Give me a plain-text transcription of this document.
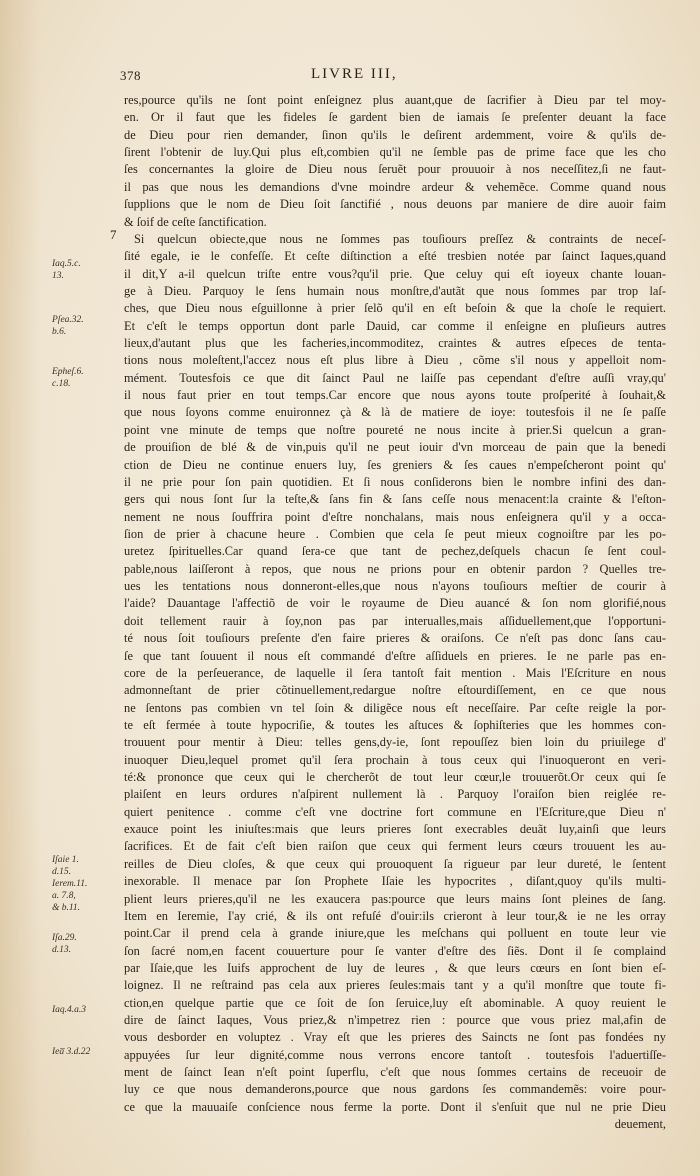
378	LIVRE III,
7
Iaq.5.c.
13.
Pſea.32.
b.6.
Epheſ.6.
c.18.
Iſaie 1.
d.15.
Ierem.11.
a. 7.8,
& b.11.
Iſa.29.
d.13.
Iaq.4.a.3
Iea̅ 3.d.22
res,pource qu'ils ne ſont point enſeignez plus auant,que de ſacrifier à Dieu par tel moy-
en. Or il faut que les fideles ſe gardent bien de iamais ſe preſenter deuant la face
de Dieu pour rien demander, ſinon qu'ils le deſirent ardemment, voire & qu'ils de-
ſirent l'obtenir de luy.Qui plus eſt,combien qu'il ne ſemble pas de prime face que les cho
ſes concernantes la gloire de Dieu nous ſeruẽt pour prouuoir à nos neceſſitez,ſi ne faut-
il pas que nous les demandions d'vne moindre ardeur & vehemẽce. Comme quand nous
ſupplions que le nom de Dieu ſoit ſanctifié , nous deuons par maniere de dire auoir faim
& ſoif de ceſte ſanctification.
Si quelcun obiecte,que nous ne ſommes pas touſiours preſſez & contraints de neceſ-
ſité egale, ie le confeſſe. Et ceſte diſtinction a eſté tresbien notée par ſainct Iaques,quand
il dit,Y a-il quelcun triſte entre vous?qu'il prie. Que celuy qui eſt ioyeux chante louan-
ge à Dieu. Parquoy le ſens humain nous monſtre,d'autãt que nous ſommes par trop laſ-
ches, que Dieu nous eſguillonne à prier ſelõ qu'il en eſt beſoin & que la choſe le requiert.
Et c'eſt le temps opportun dont parle Dauid, car comme il enſeigne en pluſieurs autres
lieux,d'autant plus que les facheries,incommoditez, craintes & autres eſpeces de tenta-
tions nous moleſtent,l'accez nous eſt plus libre à Dieu , cõme s'il nous y appelloit nom-
mément. Toutesfois ce que dit ſainct Paul ne laiſſe pas cependant d'eſtre auſſi vray,qu'
il nous faut prier en tout temps.Car encore que nous ayons toute proſperité à ſouhait,&
que nous ſoyons comme enuironnez çà & là de matiere de ioye: toutesfois il ne ſe paſſe
point vne minute de temps que noſtre poureté ne nous incite à prier.Si quelcun a gran-
de prouiſion de blé & de vin,puis qu'il ne peut iouir d'vn morceau de pain que la benedi
ction de Dieu ne continue enuers luy, ſes greniers & ſes caues n'empeſcheront point qu'
il ne prie pour ſon pain quotidien. Et ſi nous conſiderons bien le nombre infini des dan-
gers qui nous ſont ſur la teſte,& ſans fin & ſans ceſſe nous menacent:la crainte & l'eſton-
nement ne nous ſouffrira point d'eſtre nonchalans, mais nous enſeignera qu'il y a occa-
ſion de prier à chacune heure . Combien que cela ſe peut mieux cognoiſtre par les po-
uretez ſpirituelles.Car quand ſera-ce que tant de pechez,deſquels chacun ſe ſent coul-
pable,nous laiſſeront à repos, que nous ne prions pour en obtenir pardon ? Quelles tre-
ues les tentations nous donneront-elles,que nous n'ayons touſiours meſtier de courir à
l'aide? Dauantage l'affectiõ de voir le royaume de Dieu auancé & ſon nom glorifié,nous
doit tellement rauir à ſoy,non pas par interualles,mais aſſiduellement,que l'opportuni-
té nous ſoit touſiours preſente d'en faire prieres & oraiſons. Ce n'eſt pas donc ſans cau-
ſe que tant ſouuent il nous eſt commandé d'eſtre aſſiduels en prieres. Ie ne parle pas en-
core de la perſeuerance, de laquelle il ſera tantoſt fait mention . Mais l'Eſcriture en nous
admonneſtant de prier cõtinuellement,redargue noſtre eſtourdiſſement, en ce que nous
ne ſentons pas combien vn tel ſoin & diligẽce nous eſt neceſſaire. Par ceſte reigle la por-
te eſt fermée à toute hypocriſie, & toutes les aſtuces & ſophiſteries que les hommes con-
trouuent pour mentir à Dieu: telles gens,dy-ie, ſont repouſſez bien loin du priuilege d'
inuoquer Dieu,lequel promet qu'il ſera prochain à tous ceux qui l'inuoqueront en veri-
té:& prononce que ceux qui le chercherõt de tout leur cœur,le trouuerõt.Or ceux qui ſe
plaiſent en leurs ordures n'aſpirent nullement là . Parquoy l'oraiſon bien reiglée re-
quiert penitence . comme c'eſt vne doctrine fort commune en l'Eſcriture,que Dieu n'
exauce point les iniuſtes:mais que leurs prieres ſont execrables deuãt luy,ainſi que leurs
ſacrifices. Et de fait c'eſt bien raiſon que ceux qui ferment leurs cœurs trouuent les au-
reilles de Dieu cloſes, & que ceux qui prouoquent ſa rigueur par leur dureté, le ſentent
inexorable. Il menace par ſon Prophete Iſaie les hypocrites , diſant,quoy qu'ils multi-
plient leurs prieres,qu'il ne les exaucera pas:pource que leurs mains ſont pleines de ſang.
Item en Ieremie, I'ay crié, & ils ont refuſé d'ouir:ils crieront à leur tour,& ie ne les orray
point.Car il prend cela à grande iniure,que les meſchans qui polluent en toute leur vie
ſon ſacré nom,en facent couuerture pour ſe vanter d'eſtre des ſiẽs. Dont il ſe complaind
par Iſaie,que les Iuifs approchent de luy de leures , & que leurs cœurs en ſont bien eſ-
loignez. Il ne reſtraind pas cela aux prieres ſeules:mais tant y a qu'il monſtre que toute fi-
ction,en quelque partie que ce ſoit de ſon ſeruice,luy eſt abominable. A quoy reuient le
dire de ſainct Iaques, Vous priez,& n'impetrez rien : pource que vous priez mal,afin de
vous desborder en voluptez . Vray eſt que les prieres des Saincts ne ſont pas fondées ny
appuyées ſur leur dignité,comme nous verrons encore tantoſt . toutesfois l'aduertiſſe-
ment de ſainct Iean n'eſt point ſuperflu, c'eſt que nous ſommes certains de receuoir de
luy ce que nous demanderons,pource que nous gardons ſes commandemẽs: voire pour-
ce que la mauuaiſe conſcience nous ferme la porte. Dont il s'enſuit que nul ne prie Dieu
deuement,
